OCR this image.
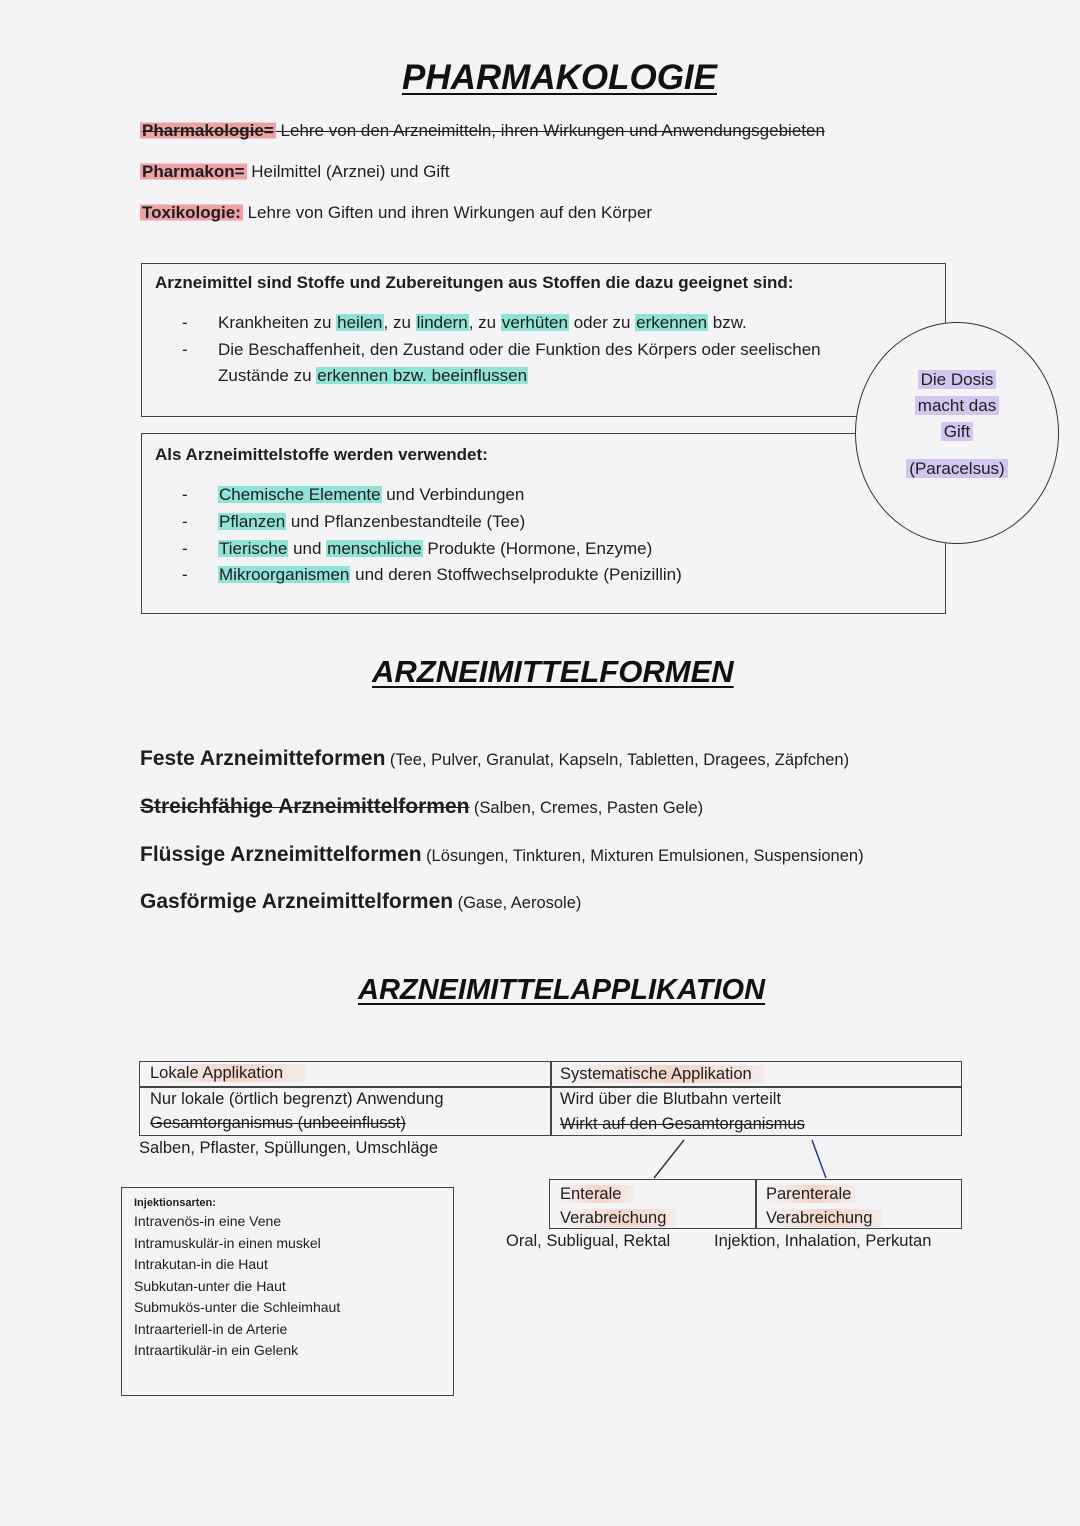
PHARMAKOLOGIE
Pharmakologie= Lehre von den Arzneimitteln, ihren Wirkungen und Anwendungsgebieten
Pharmakon= Heilmittel (Arznei) und Gift
Toxikologie: Lehre von Giften und ihren Wirkungen auf den Körper
Arzneimittel sind Stoffe und Zubereitungen aus Stoffen die dazu geeignet sind:
- Krankheiten zu heilen, zu lindern, zu verhüten oder zu erkennen bzw.
- Die Beschaffenheit, den Zustand oder die Funktion des Körpers oder seelischen
Zustände zu erkennen bzw. beeinflussen
Als Arzneimittelstoffe werden verwendet:
- Chemische Elemente und Verbindungen
- Pflanzen und Pflanzenbestandteile (Tee)
- Tierische und menschliche Produkte (Hormone, Enzyme)
- Mikroorganismen und deren Stoffwechselprodukte (Penizillin)
Die Dosis
macht das
Gift
(Paracelsus)
ARZNEIMITTELFORMEN
Feste Arzneimitteformen (Tee, Pulver, Granulat, Kapseln, Tabletten, Dragees, Zäpfchen)
Streichfähige Arzneimittelformen (Salben, Cremes, Pasten Gele)
Flüssige Arzneimittelformen (Lösungen, Tinkturen, Mixturen Emulsionen, Suspensionen)
Gasförmige Arzneimittelformen (Gase, Aerosole)
ARZNEIMITTELAPPLIKATION
Lokale Applikation
Nur lokale (örtlich begrenzt) Anwendung
Gesamtorganismus (unbeeinflusst)
Systematische Applikation
Wird über die Blutbahn verteilt
Wirkt auf den Gesamtorganismus
Salben, Pflaster, Spüllungen, Umschläge
Enterale
Verabreichung
Parenterale
Verabreichung
Oral, Subligual, Rektal	Injektion, Inhalation, Perkutan
Injektionsarten:
Intravenös-in eine Vene
Intramuskulär-in einen muskel
Intrakutan-in die Haut
Subkutan-unter die Haut
Submukös-unter die Schleimhaut
Intraarteriell-in de Arterie
Intraartikulär-in ein Gelenk
